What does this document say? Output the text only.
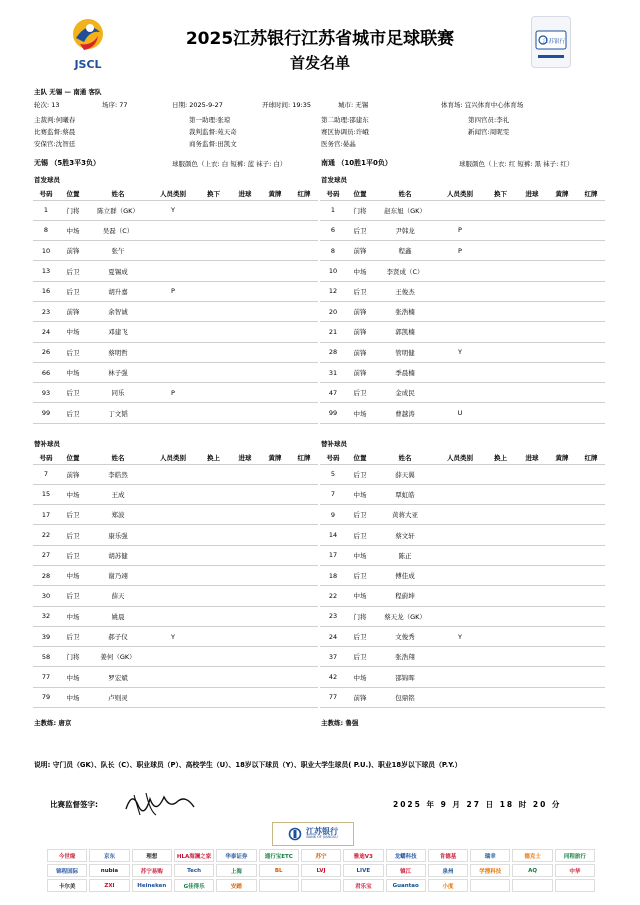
JSCL
2025江苏银行江苏省城市足球联赛
首发名单
江苏银行
主队 无锡 — 南通 客队
轮次: 13	场序: 77	日期: 2025-9-27	开球时间: 19:35	城市: 无锡	体育场: 宜兴体育中心体育场
主裁判:何曦春	第一助理:张琼	第二助理:邵建东	第四官员:李礼
比赛监督:蔡晨	裁判监督:苑天奇	赛区协调员:许峨	新闻官:周昵雯
安保官:沈智廷	商务监督:田凯文	医务官:晏晶
无锡 （5胜3平3负）	球服颜色（上衣: 白 短裤: 蓝 袜子: 白）	南通 （10胜1平0负）	球服颜色（上衣: 红 短裤: 黑 袜子: 红）
首发球员	首发球员
号码	位置	姓名	人员类别	换下	进球	黄牌	红牌
1	门将	陈立群（GK）	Y				
8	中场	吴磊（C）					
10	前锋	张午					
13	后卫	夏锡成					
16	后卫	胡升嘉	P				
23	前锋	余智诚					
24	中场	邓建飞					
26	后卫	蔡明哲					
66	中场	林子强					
93	后卫	同乐	P				
99	后卫	丁文韬					
号码	位置	姓名	人员类别	换下	进球	黄牌	红牌
1	门将	赵东旭（GK）					
6	后卫	尹韩龙	P				
8	前锋	程鑫	P				
10	中场	李贤成（C）					
12	后卫	王俊杰					
20	前锋	张浩楠					
21	前锋	郭凯楠					
28	前锋	管明健	Y				
31	前锋	季晨楠					
47	后卫	金成民					
99	中场	曹越涛	U				
替补球员	替补球员
号码	位置	姓名	人员类别	换上	进球	黄牌	红牌
7	前锋	李皓然					
15	中场	王成					
17	后卫	郑波					
22	后卫	康乐强					
27	后卫	胡苏健					
28	中场	谢乃翊					
30	后卫	薛天					
32	中场	姚晨					
39	后卫	郝子仪	Y				
58	门将	姜何（GK）					
77	中场	罗宏斌					
79	中场	卢则灵					
号码	位置	姓名	人员类别	换上	进球	黄牌	红牌
5	后卫	薛天翼					
7	中场	覃虹皓					
9	后卫	黄蒋大亚					
14	后卫	蔡文轩					
17	中场	陈正					
18	后卫	傅佳成					
22	中场	程蔚坤					
23	门将	蔡天龙（GK）					
24	后卫	文俊秀	Y				
37	后卫	张浩翔					
42	中场	邵锦晖					
77	前锋	包鼎铭					
主教练: 唐京	主教练: 鲁强
说明: 守门员（GK）、队长（C）、职业球员（P）、高校学生（U）、18岁以下球员（Y）、职业大学生球员( P.U.)、职业18岁以下球员（P.Y.）
比赛监督签字:	2025 年 9 月 27 日 18 时 20 分
江苏银行
BANK OF JIANGSU
今世缘	京东	理想	HLA海澜之家	华泰证券	通行宝ETC	苏宁	雅迪V3	龙蟠科技	肯德基	瑞幸	德克士	同程旅行
锦程国际	nubia	苏宁易购	Tech	上海	BL	LVJ	LIVE	镇江	泉州	学搜科技	AQ	中华
卡尔美	ZXI	Heineken	G佳得乐	安踏	君乐宝	Guantao	小度
